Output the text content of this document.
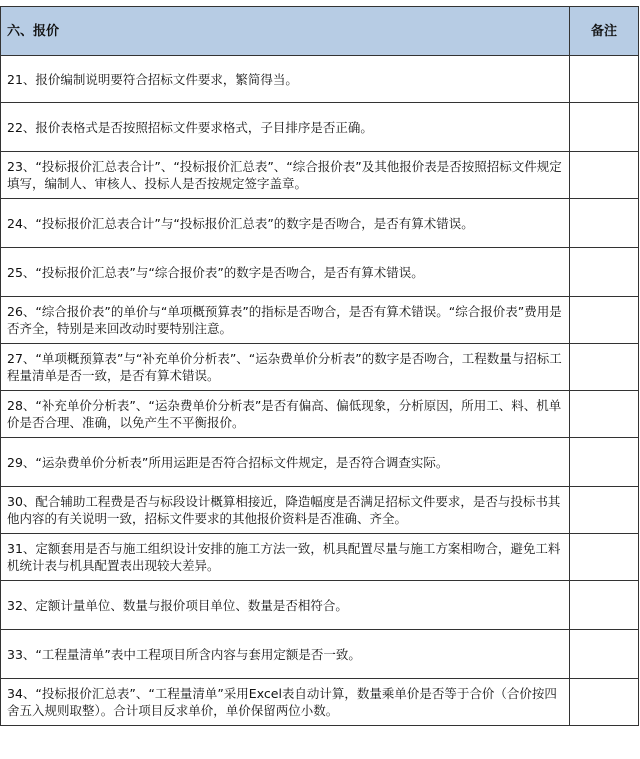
六、报价	备注
21、报价编制说明要符合招标文件要求，繁简得当。	
22、报价表格式是否按照招标文件要求格式，子目排序是否正确。	
23、“投标报价汇总表合计”、“投标报价汇总表”、“综合报价表”及其他报价表是否按照招标文件规定填写，编制人、审核人、投标人是否按规定签字盖章。	
24、“投标报价汇总表合计”与“投标报价汇总表”的数字是否吻合，是否有算术错误。	
25、“投标报价汇总表”与“综合报价表”的数字是否吻合，是否有算术错误。	
26、“综合报价表”的单价与“单项概预算表”的指标是否吻合，是否有算术错误。“综合报价表”费用是否齐全，特别是来回改动时要特别注意。	
27、“单项概预算表”与“补充单价分析表”、“运杂费单价分析表”的数字是否吻合，工程数量与招标工程量清单是否一致，是否有算术错误。	
28、“补充单价分析表”、“运杂费单价分析表”是否有偏高、偏低现象，分析原因，所用工、料、机单价是否合理、准确，以免产生不平衡报价。	
29、“运杂费单价分析表”所用运距是否符合招标文件规定，是否符合调查实际。	
30、配合辅助工程费是否与标段设计概算相接近，降造幅度是否满足招标文件要求，是否与投标书其他内容的有关说明一致，招标文件要求的其他报价资料是否准确、齐全。	
31、定额套用是否与施工组织设计安排的施工方法一致，机具配置尽量与施工方案相吻合，避免工料机统计表与机具配置表出现较大差异。	
32、定额计量单位、数量与报价项目单位、数量是否相符合。	
33、“工程量清单”表中工程项目所含内容与套用定额是否一致。	
34、“投标报价汇总表”、“工程量清单”采用Excel表自动计算，数量乘单价是否等于合价（合价按四舍五入规则取整）。合计项目反求单价，单价保留两位小数。	
